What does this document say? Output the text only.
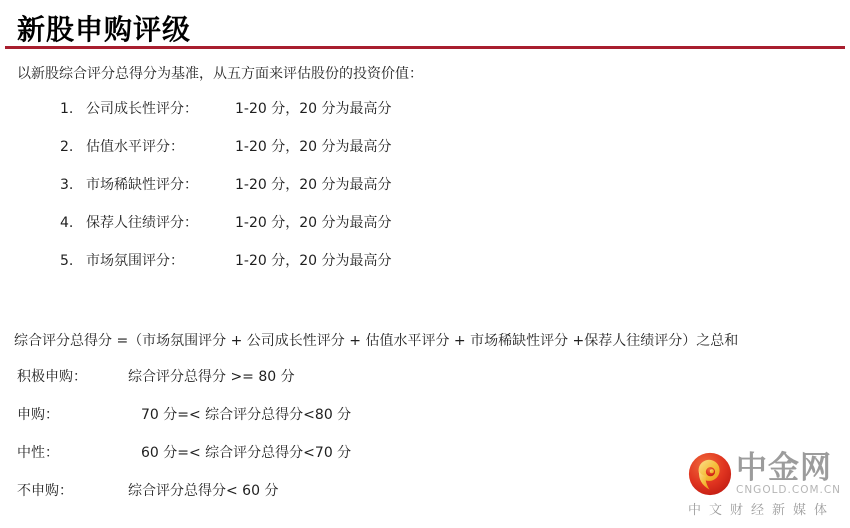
新股申购评级

以新股综合评分总得分为基准，从五方面来评估股份的投资价值：

1. 公司成长性评分：	1-20 分，20 分为最高分
2. 估值水平评分：	1-20 分，20 分为最高分
3. 市场稀缺性评分：	1-20 分，20 分为最高分
4. 保荐人往绩评分：	1-20 分，20 分为最高分
5. 市场氛围评分：	1-20 分，20 分为最高分

综合评分总得分 =（市场氛围评分 + 公司成长性评分 + 估值水平评分 + 市场稀缺性评分 +保荐人往绩评分）之总和

积极申购：	综合评分总得分 >= 80 分
申购：	70 分=< 综合评分总得分<80 分
中性：	60 分=< 综合评分总得分<70 分
不申购：	综合评分总得分< 60 分
中金网
CNGOLD.COM.CN
中文财经新媒体
